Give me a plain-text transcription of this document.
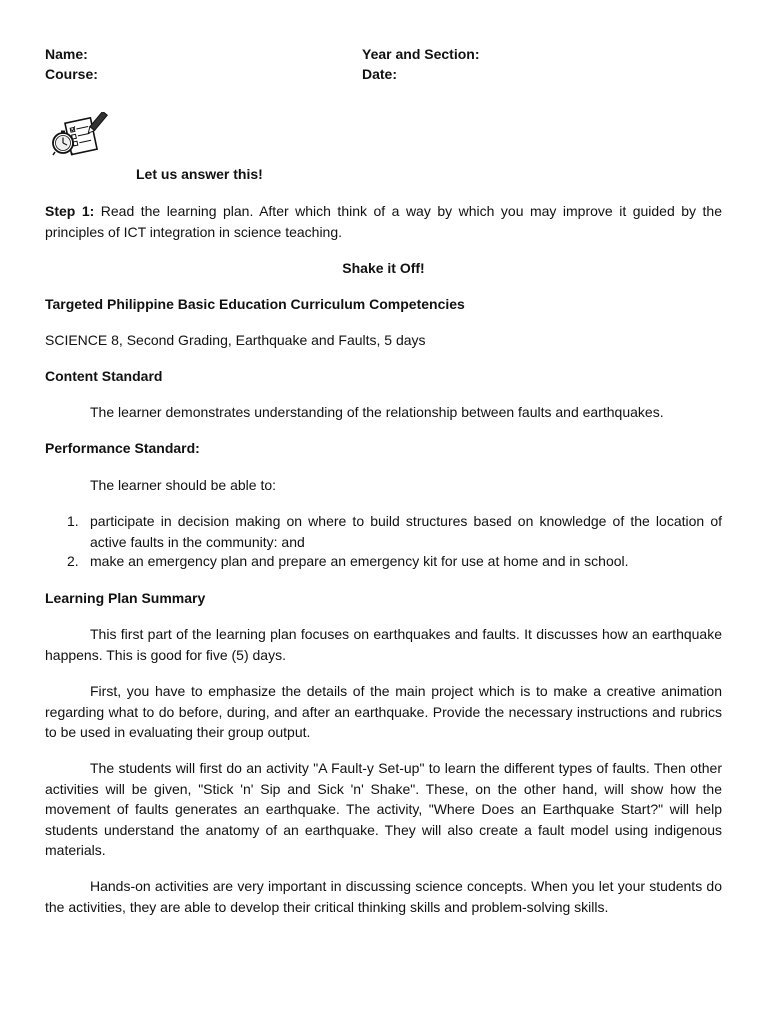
Name:
Course:
Year and Section:
Date:
Let us answer this!
Step 1: Read the learning plan. After which think of a way by which you may improve it guided by the principles of ICT integration in science teaching.
Shake it Off!
Targeted Philippine Basic Education Curriculum Competencies
SCIENCE 8, Second Grading, Earthquake and Faults, 5 days
Content Standard
The learner demonstrates understanding of the relationship between faults and earthquakes.
Performance Standard:
The learner should be able to:
1. participate in decision making on where to build structures based on knowledge of the location of active faults in the community: and
2. make an emergency plan and prepare an emergency kit for use at home and in school.
Learning Plan Summary
This first part of the learning plan focuses on earthquakes and faults. It discusses how an earthquake happens. This is good for five (5) days.
First, you have to emphasize the details of the main project which is to make a creative animation regarding what to do before, during, and after an earthquake. Provide the necessary instructions and rubrics to be used in evaluating their group output.
The students will first do an activity "A Fault-y Set-up" to learn the different types of faults. Then other activities will be given, "Stick 'n' Sip and Sick 'n' Shake". These, on the other hand, will show how the movement of faults generates an earthquake. The activity, "Where Does an Earthquake Start?" will help students understand the anatomy of an earthquake. They will also create a fault model using indigenous materials.
Hands-on activities are very important in discussing science concepts. When you let your students do the activities, they are able to develop their critical thinking skills and problem-solving skills.
